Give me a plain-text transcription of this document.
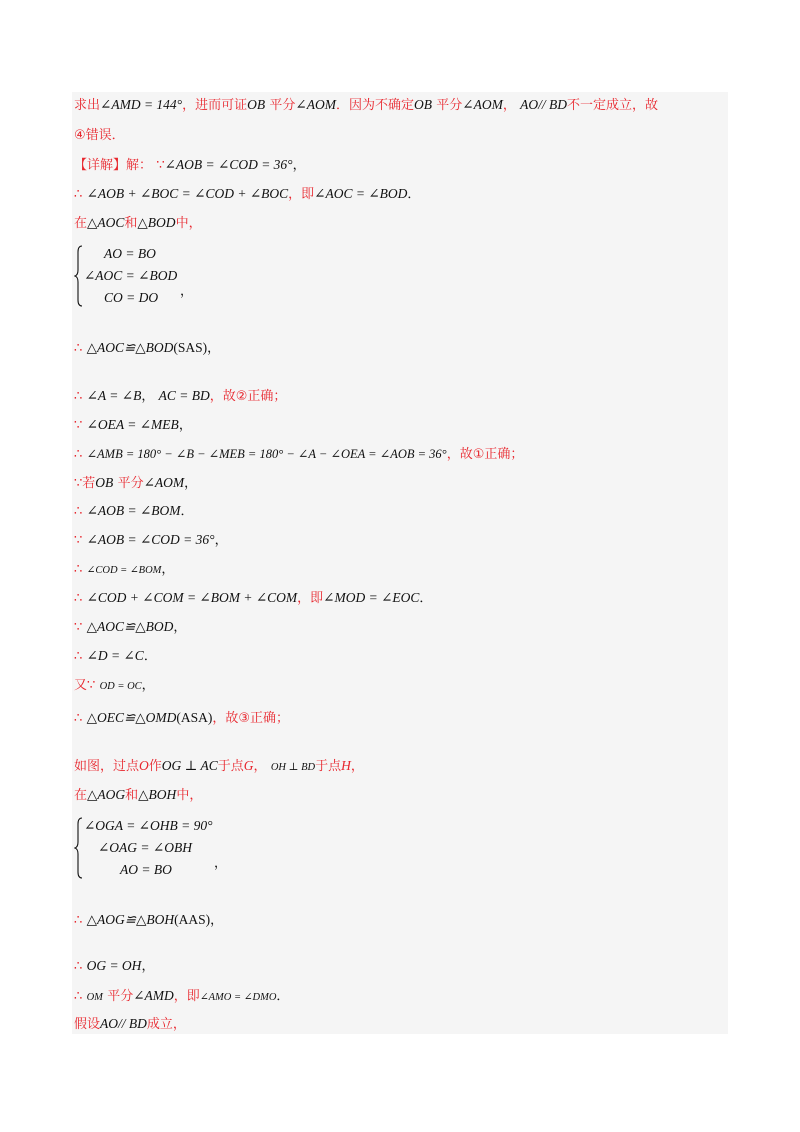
求出∠AMD = 144°，进而可证OB 平分∠AOM．因为不确定OB 平分∠AOM， AO// BD不一定成立，故
④错误．
【详解】解： ∵∠AOB = ∠COD = 36°，
∴ ∠AOB + ∠BOC = ∠COD + ∠BOC，即∠AOC = ∠BOD．
在△AOC和△BOD中，
AO = BO
∠AOC = ∠BOD
CO = DO ，
∴ △AOC≌△BOD(SAS)，
∴ ∠A = ∠B， AC = BD，故②正确；
∵ ∠OEA = ∠MEB，
∴ ∠AMB = 180° − ∠B − ∠MEB = 180° − ∠A − ∠OEA = ∠AOB = 36°，故①正确；
∵若OB 平分∠AOM，
∴ ∠AOB = ∠BOM．
∵ ∠AOB = ∠COD = 36°，
∴ ∠COD = ∠BOM，
∴ ∠COD + ∠COM = ∠BOM + ∠COM，即∠MOD = ∠EOC．
∵ △AOC≌△BOD，
∴ ∠D = ∠C．
又∵ OD = OC，
∴ △OEC≌△OMD(ASA)，故③正确；
如图，过点O作OG ⊥ AC于点G， OH ⊥ BD于点H，
在△AOG和△BOH中，
∠OGA = ∠OHB = 90°
∠OAG = ∠OBH
AO = BO	，
∴ △AOG≌△BOH(AAS)，
∴ OG = OH，
∴ OM 平分∠AMD，即∠AMO = ∠DMO．
假设AO// BD成立，
